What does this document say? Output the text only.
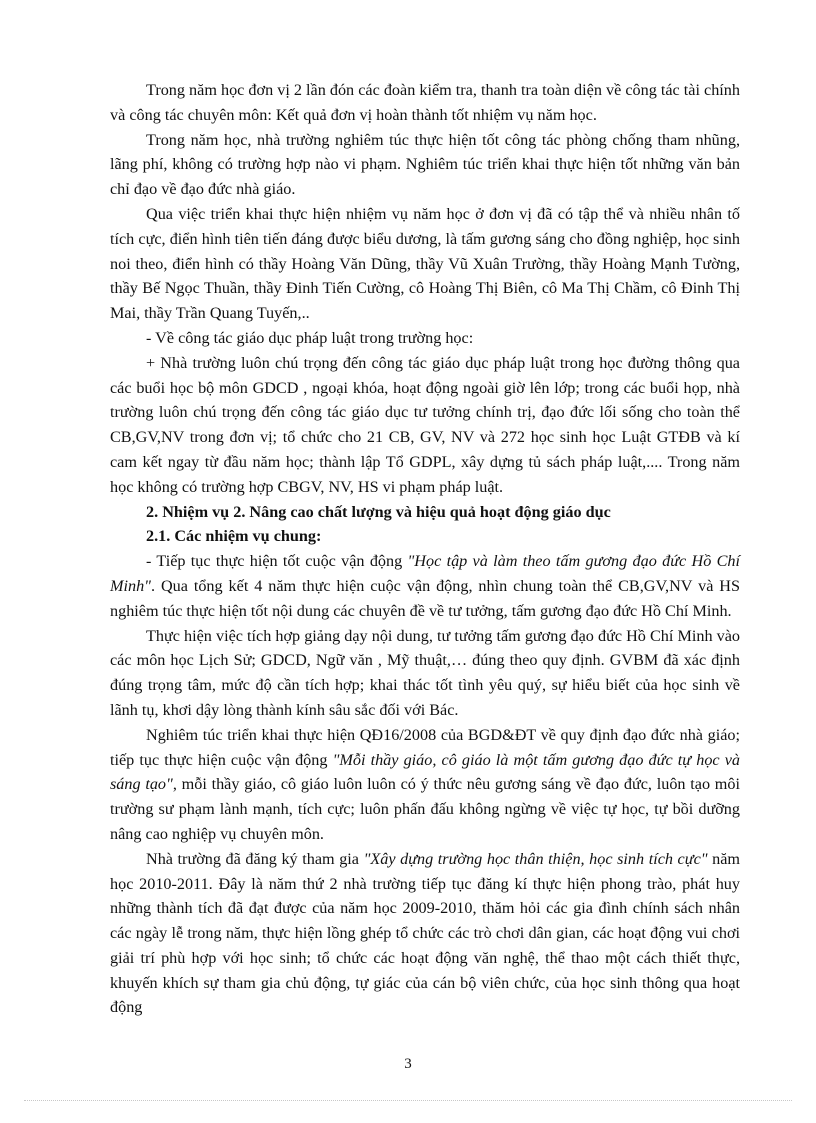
Trong năm học đơn vị 2 lần đón các đoàn kiểm tra, thanh tra toàn diện về công tác tài chính và công tác chuyên môn: Kết quả đơn vị hoàn thành tốt nhiệm vụ năm học.

Trong năm học, nhà trường nghiêm túc thực hiện tốt công tác phòng chống tham nhũng, lãng phí, không có trường hợp nào vi phạm. Nghiêm túc triển khai thực hiện tốt những văn bản chỉ đạo về đạo đức nhà giáo.

Qua việc triển khai thực hiện nhiệm vụ năm học ở đơn vị đã có tập thể và nhiều nhân tố tích cực, điển hình tiên tiến đáng được biểu dương, là tấm gương sáng cho đồng nghiệp, học sinh noi theo, điển hình có thầy Hoàng Văn Dũng, thầy Vũ Xuân Trường, thầy Hoàng Mạnh Tường, thầy Bế Ngọc Thuần, thầy Đinh Tiến Cường, cô Hoàng Thị Biên, cô Ma Thị Chầm, cô Đinh Thị Mai, thầy Trần Quang Tuyến,..

- Về công tác giáo dục pháp luật trong trường học:

+ Nhà trường luôn chú trọng đến công tác giáo dục pháp luật trong học đường thông qua các buổi học bộ môn GDCD , ngoại khóa, hoạt động ngoài giờ lên lớp; trong các buổi họp, nhà trường luôn chú trọng đến công tác giáo dục tư tưởng chính trị, đạo đức lối sống cho toàn thể CB,GV,NV trong đơn vị; tổ chức cho 21 CB, GV, NV và 272 học sinh học Luật GTĐB và kí cam kết ngay từ đầu năm học; thành lập Tổ GDPL, xây dựng tủ sách pháp luật,.... Trong năm học không có trường hợp CBGV, NV, HS vi phạm pháp luật.

2. Nhiệm vụ 2. Nâng cao chất lượng và hiệu quả hoạt động giáo dục

2.1. Các nhiệm vụ chung:

- Tiếp tục thực hiện tốt cuộc vận động "Học tập và làm theo tấm gương đạo đức Hồ Chí Minh". Qua tổng kết 4 năm thực hiện cuộc vận động, nhìn chung toàn thể CB,GV,NV và HS nghiêm túc thực hiện tốt nội dung các chuyên đề về tư tưởng, tấm gương đạo đức Hồ Chí Minh.

Thực hiện việc tích hợp giảng dạy nội dung, tư tưởng tấm gương đạo đức Hồ Chí Minh vào các môn học Lịch Sử; GDCD, Ngữ văn , Mỹ thuật,… đúng theo quy định. GVBM đã xác định đúng trọng tâm, mức độ cần tích hợp; khai thác tốt tình yêu quý, sự hiểu biết của học sinh về lãnh tụ, khơi dậy lòng thành kính sâu sắc đối với Bác.

Nghiêm túc triển khai thực hiện QĐ16/2008 của BGD&ĐT về quy định đạo đức nhà giáo; tiếp tục thực hiện cuộc vận động "Mỗi thầy giáo, cô giáo là một tấm gương đạo đức tự học và sáng tạo", mỗi thầy giáo, cô giáo luôn luôn có ý thức nêu gương sáng về đạo đức, luôn tạo môi trường sư phạm lành mạnh, tích cực; luôn phấn đấu không ngừng về việc tự học, tự bồi dưỡng nâng cao nghiệp vụ chuyên môn.

Nhà trường đã đăng ký tham gia "Xây dựng trường học thân thiện, học sinh tích cực" năm học 2010-2011. Đây là năm thứ 2 nhà trường tiếp tục đăng kí thực hiện phong trào, phát huy những thành tích đã đạt được của năm học 2009-2010, thăm hỏi các gia đình chính sách nhân các ngày lễ trong năm, thực hiện lồng ghép tổ chức các trò chơi dân gian, các hoạt động vui chơi giải trí phù hợp với học sinh; tổ chức các hoạt động văn nghệ, thể thao một cách thiết thực, khuyến khích sự tham gia chủ động, tự giác của cán bộ viên chức, của học sinh thông qua hoạt động

3
